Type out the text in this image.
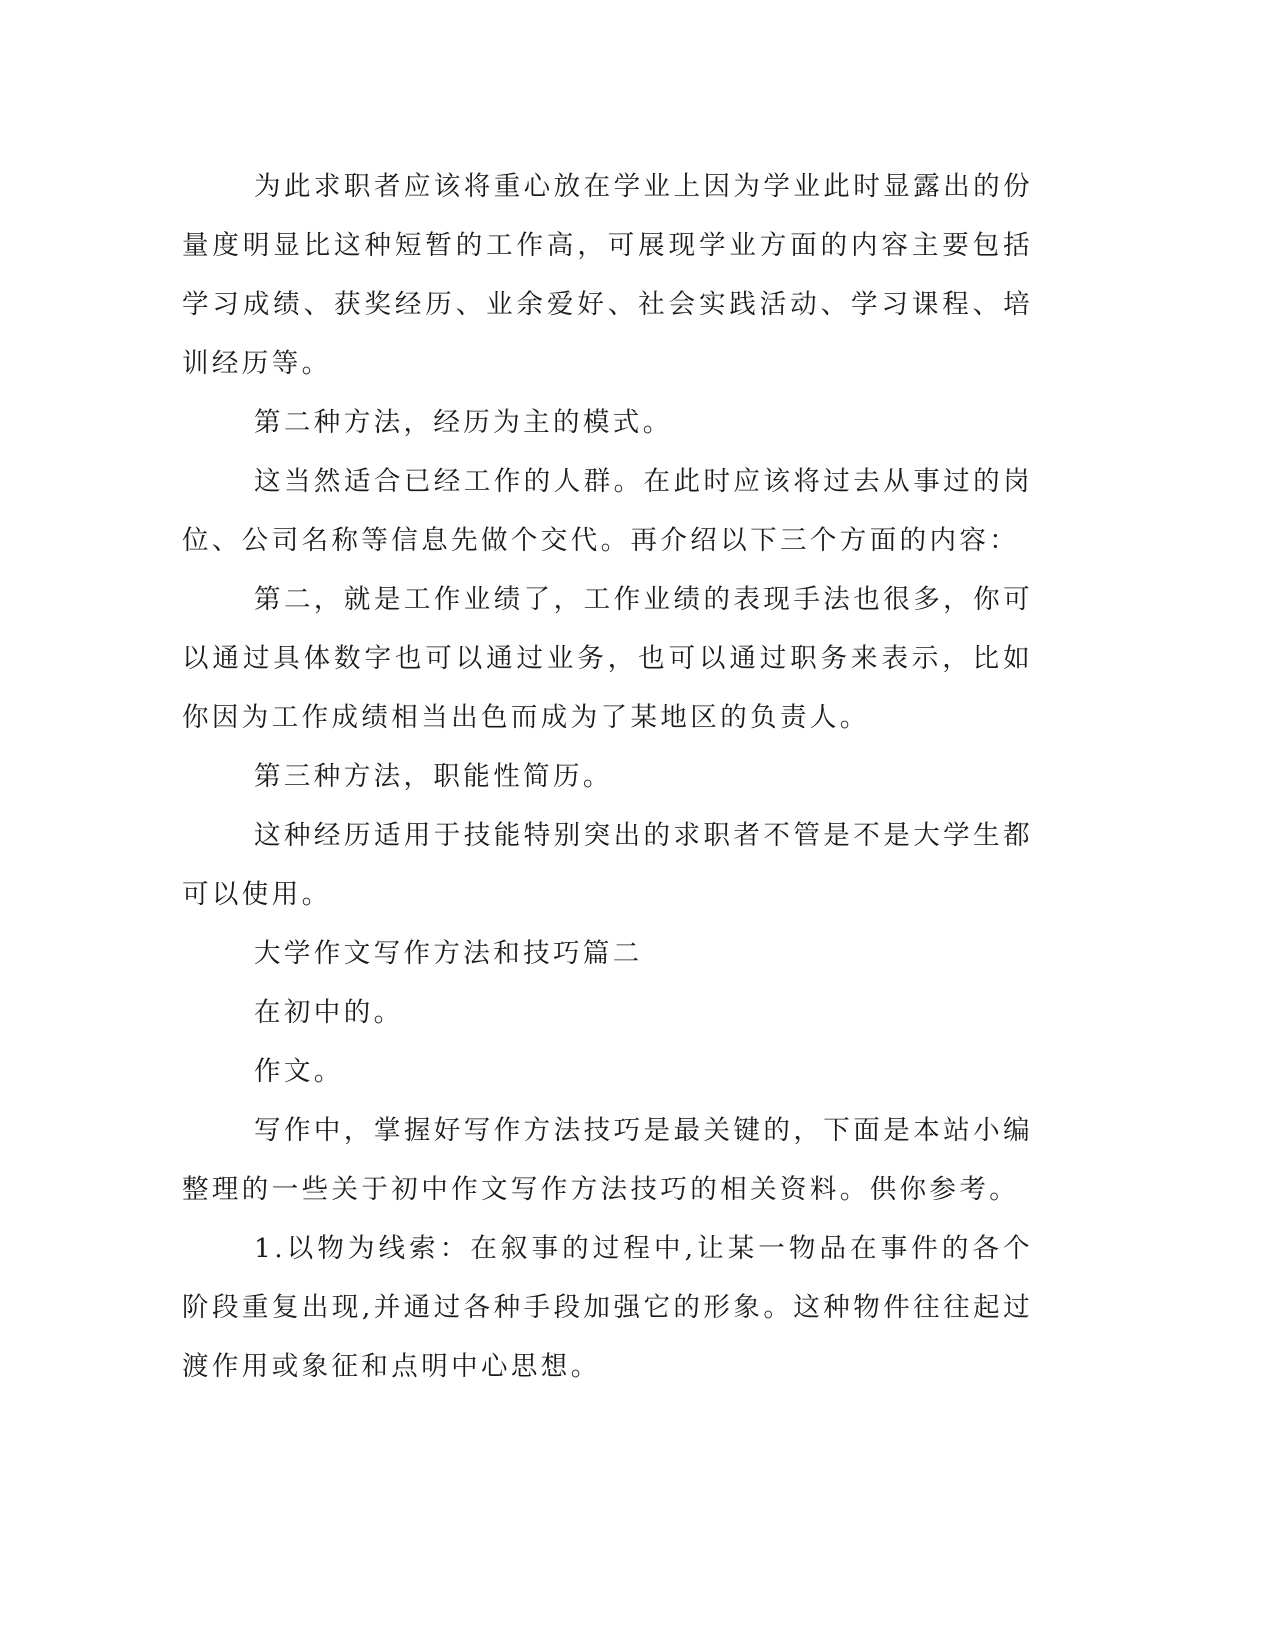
为此求职者应该将重心放在学业上因为学业此时显露出的份量度明显比这种短暂的工作高，可展现学业方面的内容主要包括学习成绩、获奖经历、业余爱好、社会实践活动、学习课程、培训经历等。

第二种方法，经历为主的模式。

这当然适合已经工作的人群。在此时应该将过去从事过的岗位、公司名称等信息先做个交代。再介绍以下三个方面的内容：

第二，就是工作业绩了，工作业绩的表现手法也很多，你可以通过具体数字也可以通过业务，也可以通过职务来表示，比如你因为工作成绩相当出色而成为了某地区的负责人。

第三种方法，职能性简历。

这种经历适用于技能特别突出的求职者不管是不是大学生都可以使用。

大学作文写作方法和技巧篇二

在初中的。

作文。

写作中，掌握好写作方法技巧是最关键的，下面是本站小编整理的一些关于初中作文写作方法技巧的相关资料。供你参考。

1.以物为线索：在叙事的过程中,让某一物品在事件的各个阶段重复出现,并通过各种手段加强它的形象。这种物件往往起过渡作用或象征和点明中心思想。
